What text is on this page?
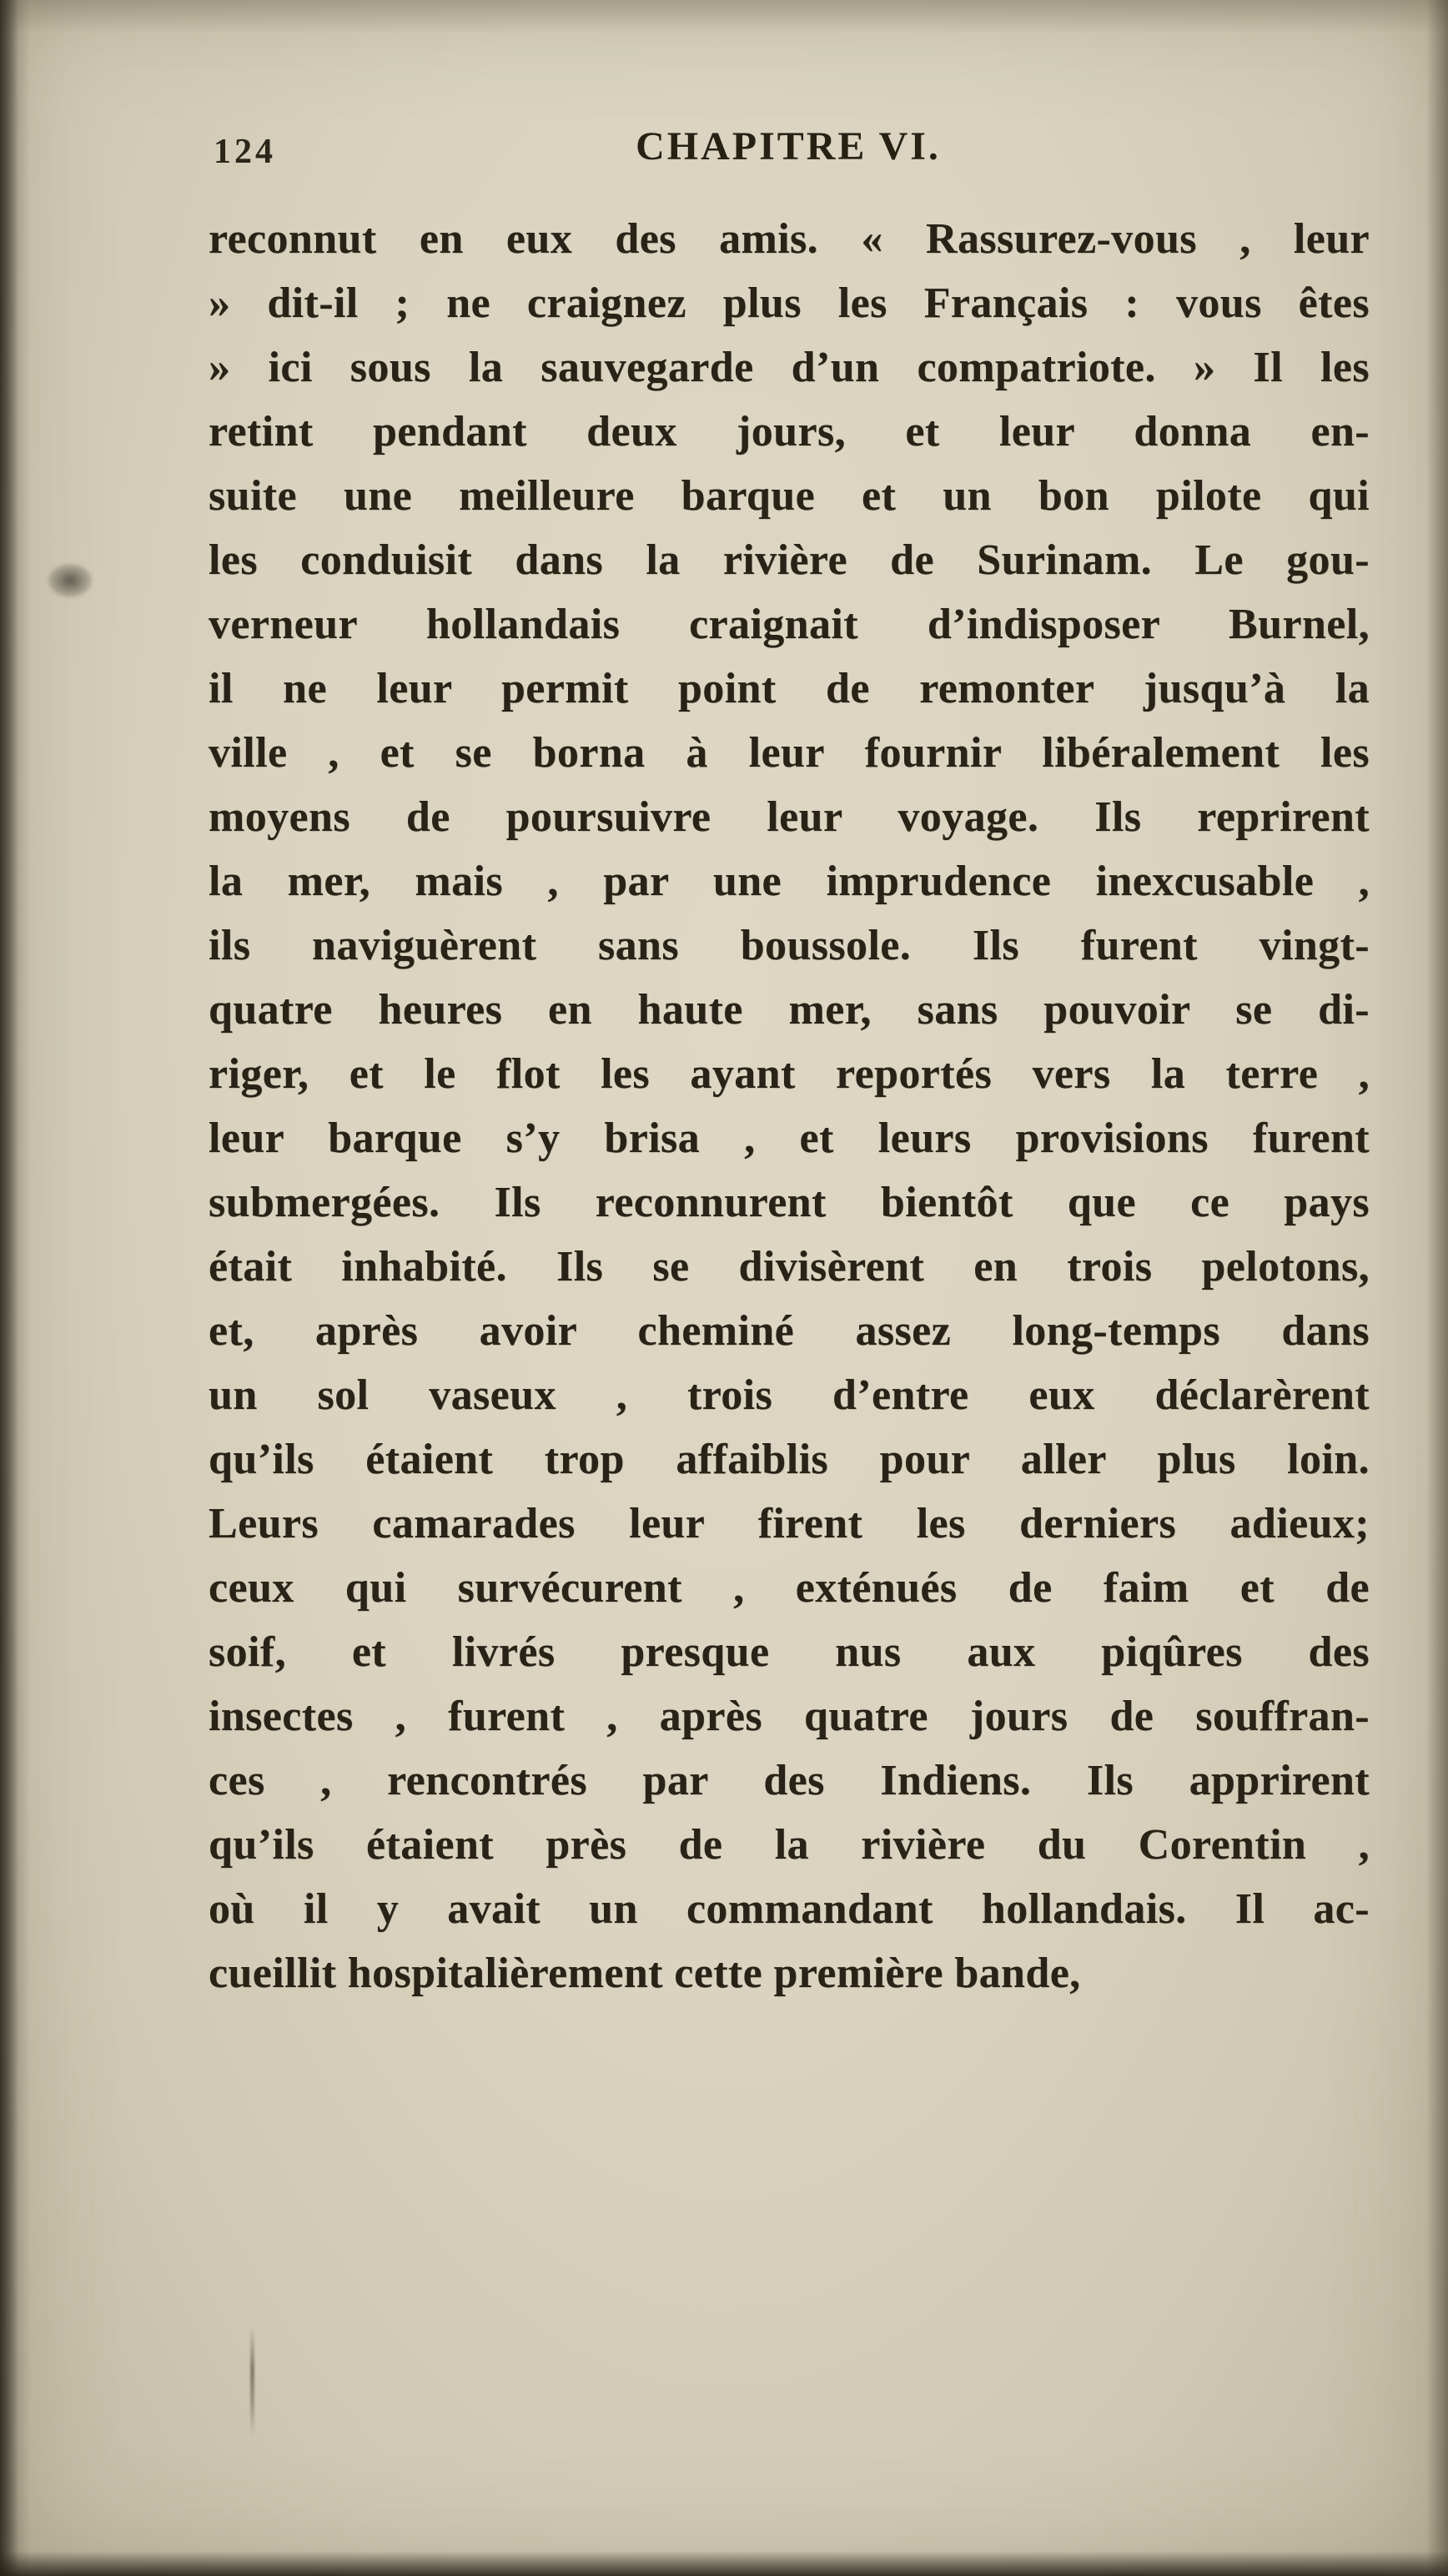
124	CHAPITRE VI.
reconnut en eux des amis. « Rassurez-vous , leur
» dit-il ; ne craignez plus les Français : vous êtes
» ici sous la sauvegarde d’un compatriote. » Il les
retint pendant deux jours, et leur donna en-
suite une meilleure barque et un bon pilote qui
les conduisit dans la rivière de Surinam. Le gou-
verneur hollandais craignait d’indisposer Burnel,
il ne leur permit point de remonter jusqu’à la
ville , et se borna à leur fournir libéralement les
moyens de poursuivre leur voyage. Ils reprirent
la mer, mais , par une imprudence inexcusable ,
ils naviguèrent sans boussole. Ils furent vingt-
quatre heures en haute mer, sans pouvoir se di-
riger, et le flot les ayant reportés vers la terre ,
leur barque s’y brisa , et leurs provisions furent
submergées. Ils reconnurent bientôt que ce pays
était inhabité. Ils se divisèrent en trois pelotons,
et, après avoir cheminé assez long-temps dans
un sol vaseux , trois d’entre eux déclarèrent
qu’ils étaient trop affaiblis pour aller plus loin.
Leurs camarades leur firent les derniers adieux;
ceux qui survécurent , exténués de faim et de
soif, et livrés presque nus aux piqûres des
insectes , furent , après quatre jours de souffran-
ces , rencontrés par des Indiens. Ils apprirent
qu’ils étaient près de la rivière du Corentin ,
où il y avait un commandant hollandais. Il ac-
cueillit hospitalièrement cette première bande,
